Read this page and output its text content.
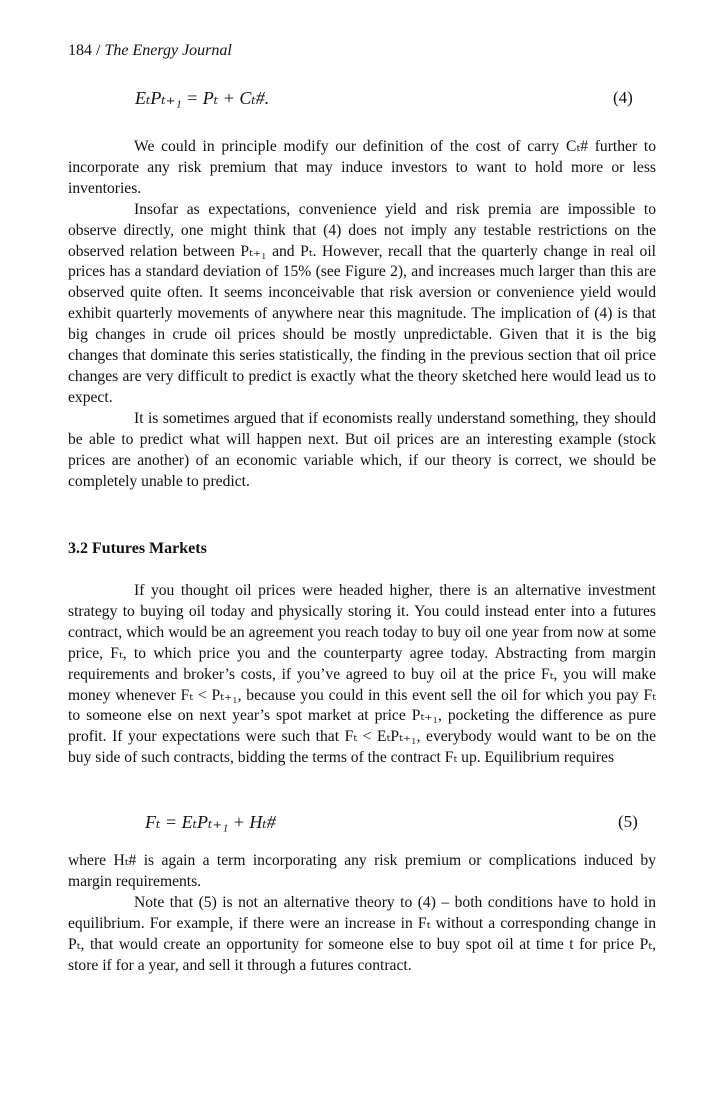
184 / The Energy Journal
EₜPₜ₊₁ = Pₜ + Cₜ#.	(4)

We could in principle modify our definition of the cost of carry Cₜ# further to incorporate any risk premium that may induce investors to want to hold more or less inventories.

Insofar as expectations, convenience yield and risk premia are impossible to observe directly, one might think that (4) does not imply any testable restrictions on the observed relation between Pₜ₊₁ and Pₜ. However, recall that the quarterly change in real oil prices has a standard deviation of 15% (see Figure 2), and increases much larger than this are observed quite often. It seems inconceivable that risk aversion or convenience yield would exhibit quarterly movements of anywhere near this magnitude. The implication of (4) is that big changes in crude oil prices should be mostly unpredictable. Given that it is the big changes that dominate this series statistically, the finding in the previous section that oil price changes are very difficult to predict is exactly what the theory sketched here would lead us to expect.

It is sometimes argued that if economists really understand something, they should be able to predict what will happen next. But oil prices are an interesting example (stock prices are another) of an economic variable which, if our theory is correct, we should be completely unable to predict.

3.2 Futures Markets

If you thought oil prices were headed higher, there is an alternative investment strategy to buying oil today and physically storing it. You could instead enter into a futures contract, which would be an agreement you reach today to buy oil one year from now at some price, Fₜ, to which price you and the counterparty agree today. Abstracting from margin requirements and broker’s costs, if you’ve agreed to buy oil at the price Fₜ, you will make money whenever Fₜ < Pₜ₊₁, because you could in this event sell the oil for which you pay Fₜ to someone else on next year’s spot market at price Pₜ₊₁, pocketing the difference as pure profit. If your expectations were such that Fₜ < EₜPₜ₊₁, everybody would want to be on the buy side of such contracts, bidding the terms of the contract Fₜ up. Equilibrium requires

Fₜ = EₜPₜ₊₁ + Hₜ#	(5)

where Hₜ# is again a term incorporating any risk premium or complications induced by margin requirements.

Note that (5) is not an alternative theory to (4) – both conditions have to hold in equilibrium. For example, if there were an increase in Fₜ without a corresponding change in Pₜ, that would create an opportunity for someone else to buy spot oil at time t for price Pₜ, store if for a year, and sell it through a futures contract.
